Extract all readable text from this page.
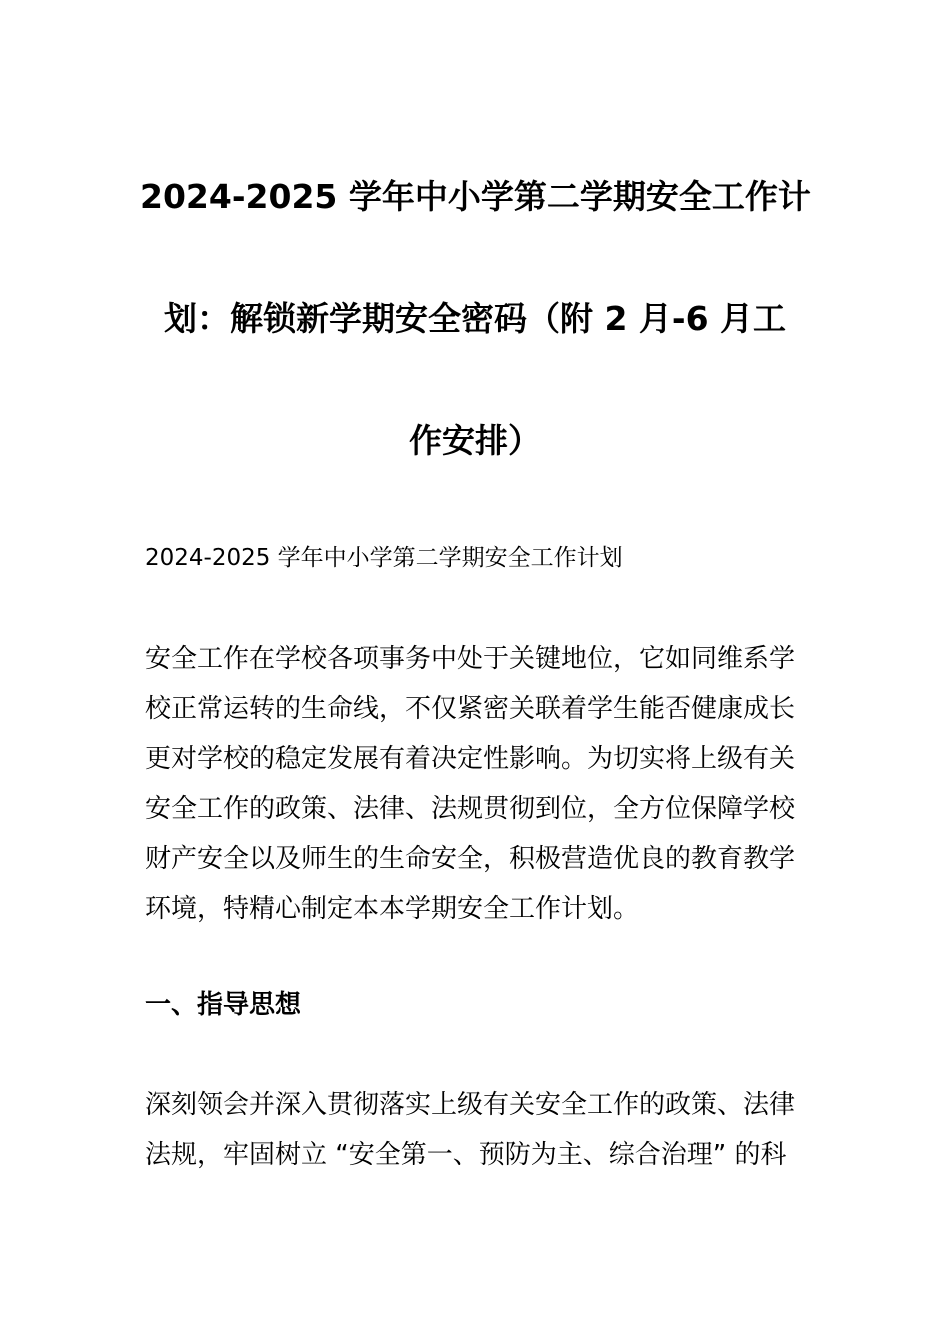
2024-2025 学年中小学第二学期安全工作计
划：解锁新学期安全密码（附 2 月-6 月工
作安排）

2024-2025 学年中小学第二学期安全工作计划

安全工作在学校各项事务中处于关键地位，它如同维系学
校正常运转的生命线，不仅紧密关联着学生能否健康成长
更对学校的稳定发展有着决定性影响。为切实将上级有关
安全工作的政策、法律、法规贯彻到位，全方位保障学校
财产安全以及师生的生命安全，积极营造优良的教育教学
环境，特精心制定本本学期安全工作计划。

一、指导思想

深刻领会并深入贯彻落实上级有关安全工作的政策、法律
法规，牢固树立 “安全第一、预防为主、综合治理” 的科
